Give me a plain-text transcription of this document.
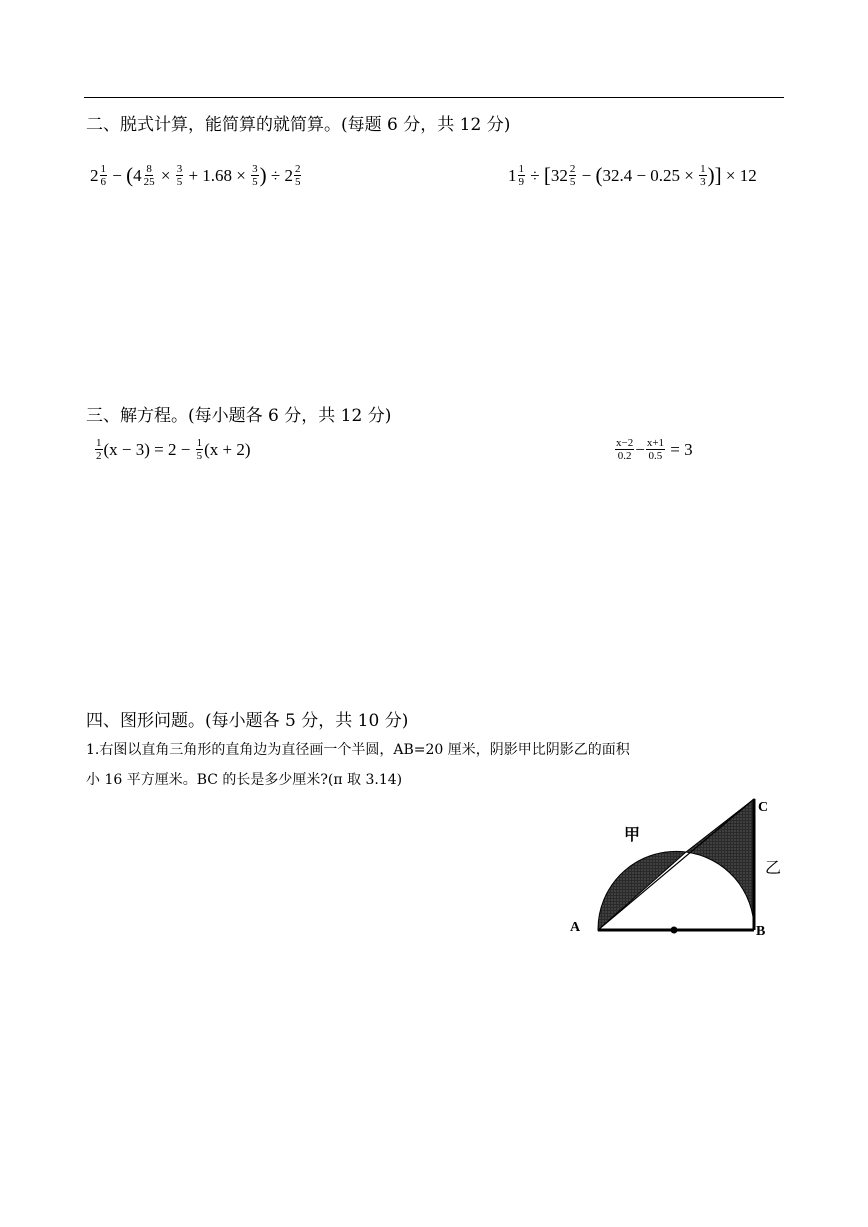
二、脱式计算，能简算的就简算。(每题 6 分，共 12 分)
$2 \frac{1}{6}$ − ( $4 \frac{8}{25} \times \frac{3}{5} + 1.68 \times \frac{3}{5}$ ) ÷ $2 \frac{2}{5}$	$1 \frac{1}{9}$ ÷ [ $32 \frac{2}{5}$ − ( $32.4 - 0.25 \times \frac{1}{3}$ ) ] × 12
三、解方程。(每小题各 6 分，共 12 分)
$\frac{1}{2} (x - 3) = 2 - \frac{1}{5} (x + 2)$	$\frac{x-2}{0.2} - \frac{x+1}{0.5} = 3$
四、图形问题。(每小题各 5 分，共 10 分)
1.右图以直角三角形的直角边为直径画一个半圆，AB=20 厘米，阴影甲比阴影乙的面积
小 16 平方厘米。BC 的长是多少厘米?(π 取 3.14)
A	B
C
甲
乙
